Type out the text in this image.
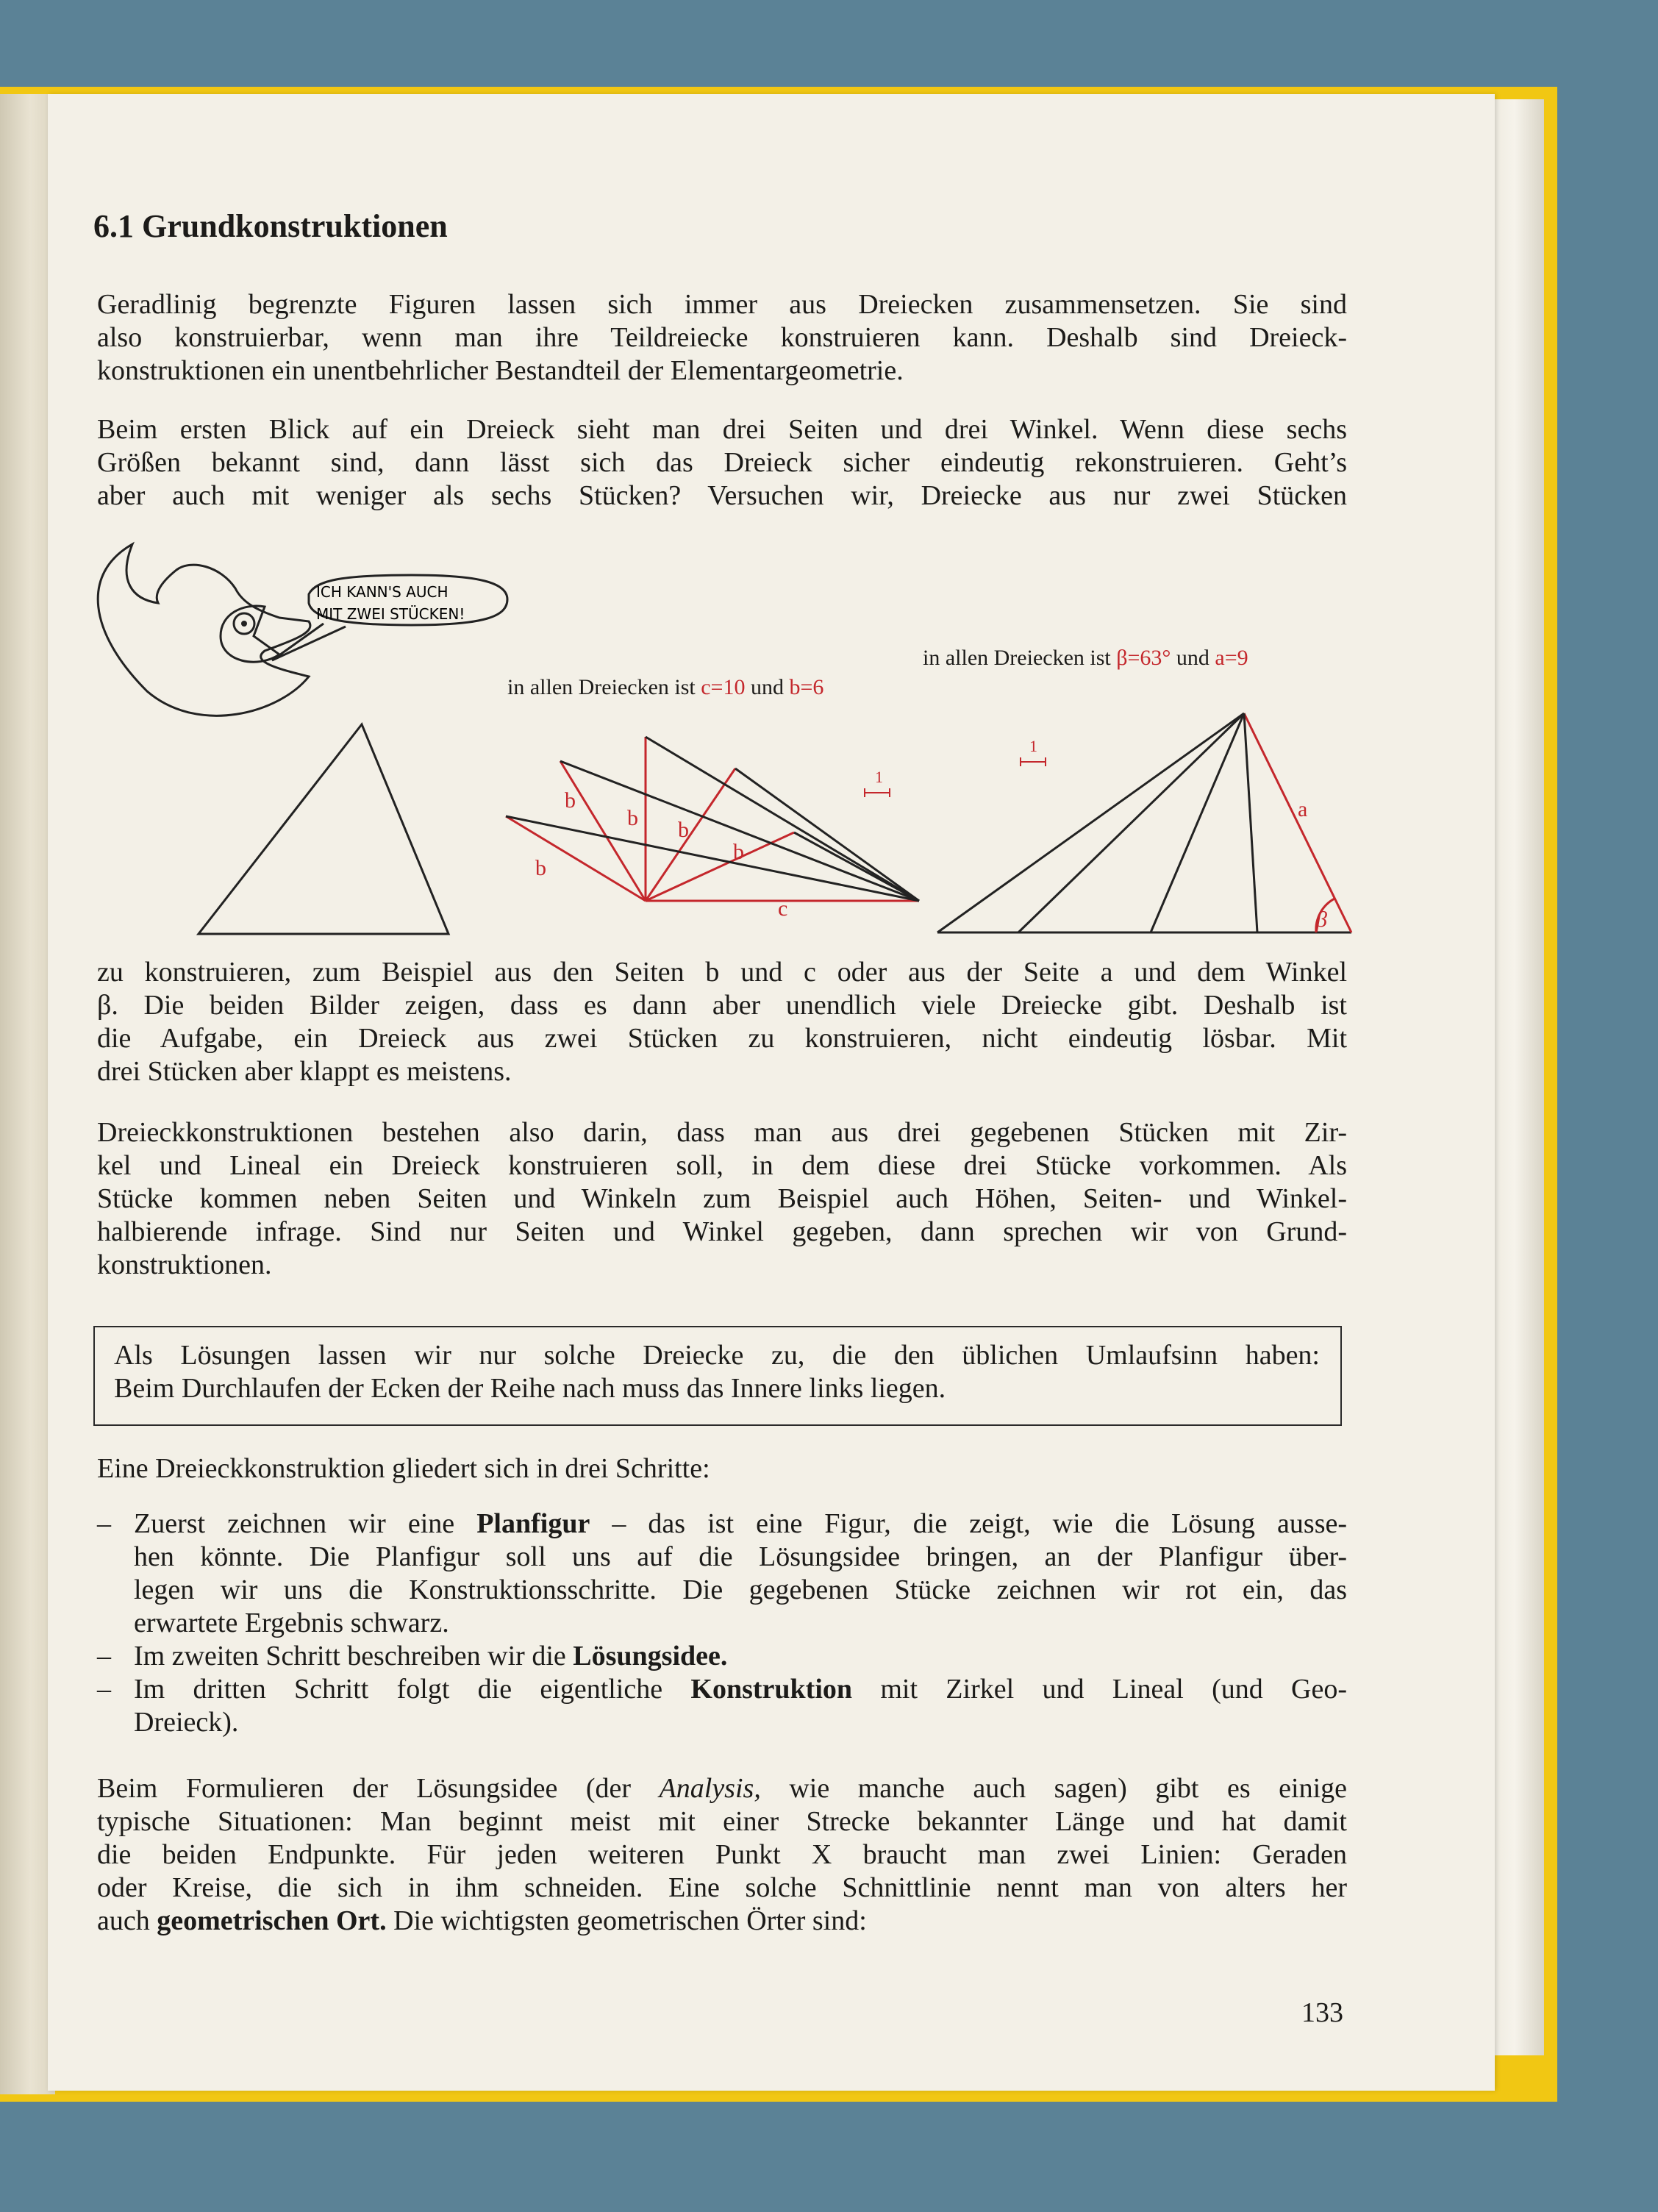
6.1 Grundkonstruktionen
Geradlinig begrenzte Figuren lassen sich immer aus Dreiecken zusammensetzen. Sie sind
also konstruierbar, wenn man ihre Teildreiecke konstruieren kann. Deshalb sind Dreieck-
konstruktionen ein unentbehrlicher Bestandteil der Elementargeometrie.
Beim ersten Blick auf ein Dreieck sieht man drei Seiten und drei Winkel. Wenn diese sechs
Größen bekannt sind, dann lässt sich das Dreieck sicher eindeutig rekonstruieren. Geht’s
aber auch mit weniger als sechs Stücken? Versuchen wir, Dreiecke aus nur zwei Stücken
ICH KANN'S AUCH
MIT ZWEI STÜCKEN!
b
b
b b
b
c
1
β
a
1
in allen Dreiecken ist c=10 und b=6
in allen Dreiecken ist β=63° und a=9
zu konstruieren, zum Beispiel aus den Seiten b und c oder aus der Seite a und dem Winkel
β. Die beiden Bilder zeigen, dass es dann aber unendlich viele Dreiecke gibt. Deshalb ist
die Aufgabe, ein Dreieck aus zwei Stücken zu konstruieren, nicht eindeutig lösbar. Mit
drei Stücken aber klappt es meistens.
Dreieckkonstruktionen bestehen also darin, dass man aus drei gegebenen Stücken mit Zir-
kel und Lineal ein Dreieck konstruieren soll, in dem diese drei Stücke vorkommen. Als
Stücke kommen neben Seiten und Winkeln zum Beispiel auch Höhen, Seiten- und Winkel-
halbierende infrage. Sind nur Seiten und Winkel gegeben, dann sprechen wir von Grund-
konstruktionen.
Als Lösungen lassen wir nur solche Dreiecke zu, die den üblichen Umlaufsinn haben:
Beim Durchlaufen der Ecken der Reihe nach muss das Innere links liegen.
Eine Dreieckkonstruktion gliedert sich in drei Schritte:
– Zuerst zeichnen wir eine Planfigur – das ist eine Figur, die zeigt, wie die Lösung ausse-
hen könnte. Die Planfigur soll uns auf die Lösungsidee bringen, an der Planfigur über-
legen wir uns die Konstruktionsschritte. Die gegebenen Stücke zeichnen wir rot ein, das
erwartete Ergebnis schwarz.
– Im zweiten Schritt beschreiben wir die Lösungsidee.
– Im dritten Schritt folgt die eigentliche Konstruktion mit Zirkel und Lineal (und Geo-
Dreieck).
Beim Formulieren der Lösungsidee (der Analysis, wie manche auch sagen) gibt es einige
typische Situationen: Man beginnt meist mit einer Strecke bekannter Länge und hat damit
die beiden Endpunkte. Für jeden weiteren Punkt X braucht man zwei Linien: Geraden
oder Kreise, die sich in ihm schneiden. Eine solche Schnittlinie nennt man von alters her
auch geometrischen Ort. Die wichtigsten geometrischen Örter sind:
133
